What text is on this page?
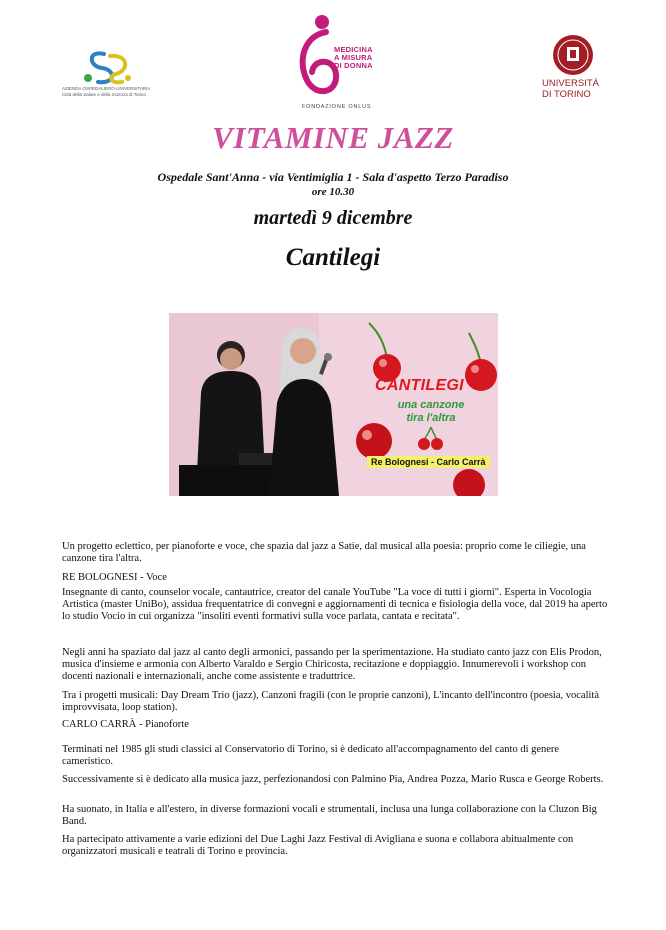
AZIENDA OSPEDALIERO-UNIVERSITARIA
Città della Salute e della Scienza di Torino
MEDICINA
A MISURA
DI DONNA
FONDAZIONE ONLUS
UNIVERSITÀ
DI TORINO
VITAMINE JAZZ
Ospedale Sant'Anna - via Ventimiglia 1 - Sala d'aspetto Terzo Paradiso
ore 10.30
martedì 9 dicembre
Cantilegi
CANTILEGI
una canzone
tira l'altra
Re Bolognesi - Carlo Carrà

Un progetto eclettico, per pianoforte e voce, che spazia dal jazz a Satie, dal musical alla poesia: proprio come le ciliegie, una canzone tira l'altra.

RE BOLOGNESI - Voce

Insegnante di canto, counselor vocale, cantautrice, creator del canale YouTube "La voce di tutti i giorni". Esperta in Vocologia Artistica (master UniBo), assidua frequentatrice di convegni e aggiornamenti di tecnica e fisiologia della voce, dal 2019 ha aperto lo studio Vocio in cui organizza "insoliti eventi formativi sulla voce parlata, cantata e recitata".

Negli anni ha spaziato dal jazz al canto degli armonici, passando per la sperimentazione. Ha studiato canto jazz con Elis Prodon, musica d'insieme e armonia con Alberto Varaldo e Sergio Chiricosta, recitazione e doppiaggio. Innumerevoli i workshop con docenti nazionali e internazionali, anche come assistente e traduttrice.

Tra i progetti musicali: Day Dream Trio (jazz), Canzoni fragili (con le proprie canzoni), L'incanto dell'incontro (poesia, vocalità improvvisata, loop station).

CARLO CARRÀ - Pianoforte

Terminati nel 1985 gli studi classici al Conservatorio di Torino, si è dedicato all'accompagnamento del canto di genere cameristico.

Successivamente si è dedicato alla musica jazz, perfezionandosi con Palmino Pia, Andrea Pozza, Mario Rusca e George Roberts.

Ha suonato, in Italia e all'estero, in diverse formazioni vocali e strumentali, inclusa una lunga collaborazione con la Cluzon Big Band.

Ha partecipato attivamente a varie edizioni del Due Laghi Jazz Festival di Avigliana e suona e collabora abitualmente con organizzatori musicali e teatrali di Torino e provincia.
